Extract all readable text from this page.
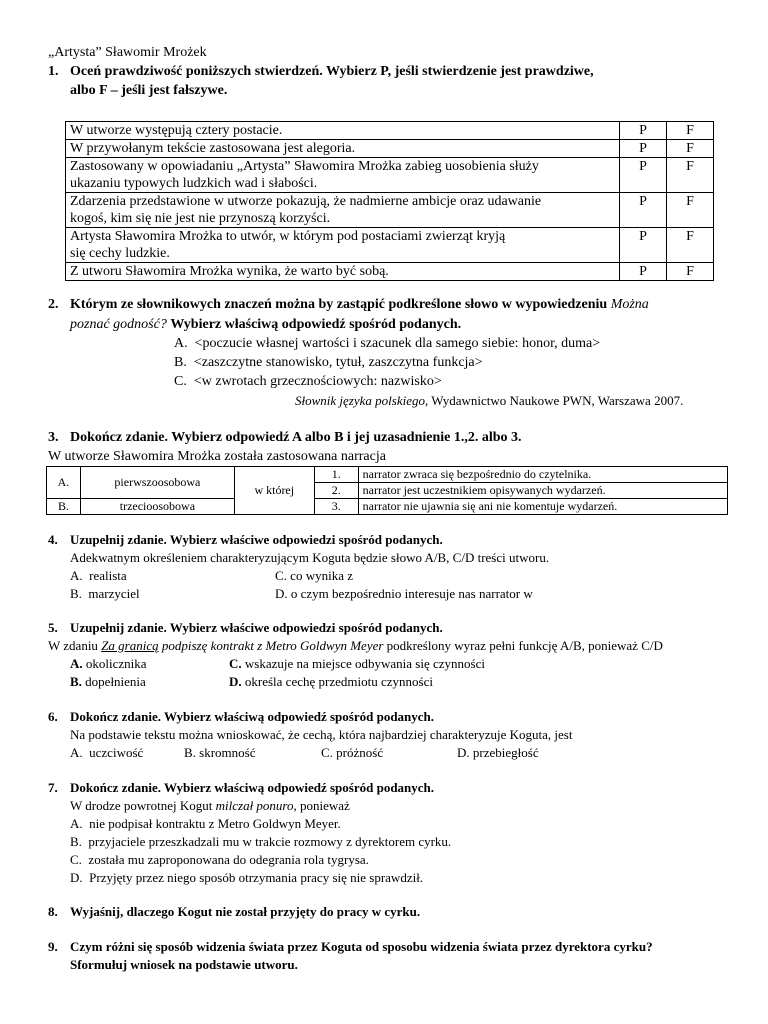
„Artysta” Sławomir Mrożek
1. Oceń prawdziwość poniższych stwierdzeń. Wybierz P, jeśli stwierdzenie jest prawdziwe,
albo F – jeśli jest fałszywe.
W utworze występują cztery postacie.	P	F
W przywołanym tekście zastosowana jest alegoria.	P	F
Zastosowany w opowiadaniu „Artysta” Sławomira Mrożka zabieg uosobienia służy
ukazaniu typowych ludzkich wad i słabości.	P	F
Zdarzenia przedstawione w utworze pokazują, że nadmierne ambicje oraz udawanie
kogoś, kim się nie jest nie przynoszą korzyści.	P	F
Artysta Sławomira Mrożka to utwór, w którym pod postaciami zwierząt kryją
się cechy ludzkie.	P	F
Z utworu Sławomira Mrożka wynika, że warto być sobą.	P	F
2. Którym ze słownikowych znaczeń można by zastąpić podkreślone słowo w wypowiedzeniu Można
poznać godność? Wybierz właściwą odpowiedź spośród podanych.
A. <poczucie własnej wartości i szacunek dla samego siebie: honor, duma>
B. <zaszczytne stanowisko, tytuł, zaszczytna funkcja>
C. <w zwrotach grzecznościowych: nazwisko>
Słownik języka polskiego, Wydawnictwo Naukowe PWN, Warszawa 2007.
3. Dokończ zdanie. Wybierz odpowiedź A albo B i jej uzasadnienie 1.,2. albo 3.
W utworze Sławomira Mrożka została zastosowana narracja
A.	pierwszoosobowa	w której	1.	narrator zwraca się bezpośrednio do czytelnika.
			2.	narrator jest uczestnikiem opisywanych wydarzeń.
B.	trzecioosobowa		3.	narrator nie ujawnia się ani nie komentuje wydarzeń.
4. Uzupełnij zdanie. Wybierz właściwe odpowiedzi spośród podanych.
Adekwatnym określeniem charakteryzującym Koguta będzie słowo A/B, C/D treści utworu.
A. realista
B. marzyciel
C. co wynika z
D. o czym bezpośrednio interesuje nas narrator w
5. Uzupełnij zdanie. Wybierz właściwe odpowiedzi spośród podanych.
W zdaniu Za granicą podpiszę kontrakt z Metro Goldwyn Meyer podkreślony wyraz pełni funkcję A/B, ponieważ C/D
A. okolicznika
B. dopełnienia
C. wskazuje na miejsce odbywania się czynności
D. określa cechę przedmiotu czynności
6. Dokończ zdanie. Wybierz właściwą odpowiedź spośród podanych.
Na podstawie tekstu można wnioskować, że cechą, która najbardziej charakteryzuje Koguta, jest
A. uczciwość	B. skromność	C. próżność	D. przebiegłość
7. Dokończ zdanie. Wybierz właściwą odpowiedź spośród podanych.
W drodze powrotnej Kogut milczał ponuro, ponieważ
A. nie podpisał kontraktu z Metro Goldwyn Meyer.
B. przyjaciele przeszkadzali mu w trakcie rozmowy z dyrektorem cyrku.
C. została mu zaproponowana do odegrania rola tygrysa.
D. Przyjęty przez niego sposób otrzymania pracy się nie sprawdził.
8. Wyjaśnij, dlaczego Kogut nie został przyjęty do pracy w cyrku.
9. Czym różni się sposób widzenia świata przez Koguta od sposobu widzenia świata przez dyrektora cyrku?
Sformułuj wniosek na podstawie utworu.
